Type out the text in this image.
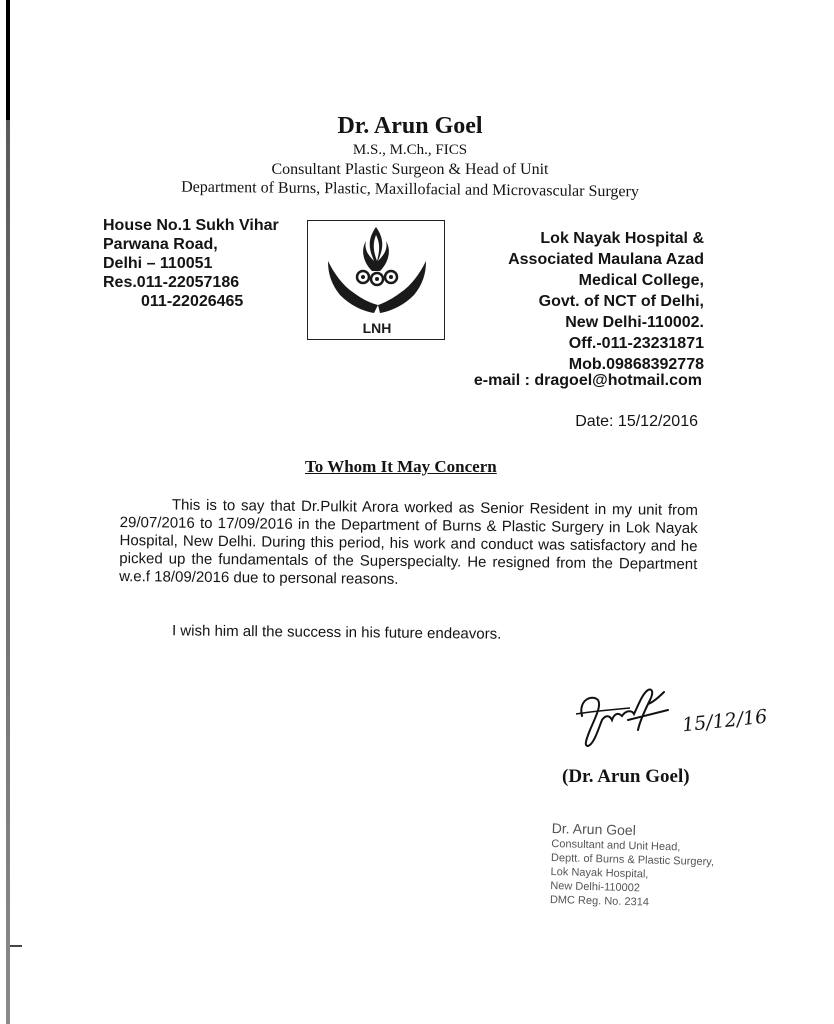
Dr. Arun Goel
M.S., M.Ch., FICS
Consultant Plastic Surgeon & Head of Unit
Department of Burns, Plastic, Maxillofacial and Microvascular Surgery
House No.1 Sukh Vihar
Parwana Road,
Delhi – 110051
Res.011-22057186
011-22026465
LNH
Lok Nayak Hospital &
Associated Maulana Azad
Medical College,
Govt. of NCT of Delhi,
New Delhi-110002.
Off.-011-23231871
Mob.09868392778
e-mail : dragoel@hotmail.com
Date: 15/12/2016
To Whom It May Concern

This is to say that Dr.Pulkit Arora worked as Senior Resident in my unit from 29/07/2016 to 17/09/2016 in the Department of Burns & Plastic Surgery in Lok Nayak Hospital, New Delhi. During this period, his work and conduct was satisfactory and he picked up the fundamentals of the Superspecialty. He resigned from the Department w.e.f 18/09/2016 due to personal reasons.

I wish him all the success in his future endeavors.
15/12/16
(Dr. Arun Goel)
Dr. Arun Goel
Consultant and Unit Head,
Deptt. of Burns & Plastic Surgery,
Lok Nayak Hospital,
New Delhi-110002
DMC Reg. No. 2314
